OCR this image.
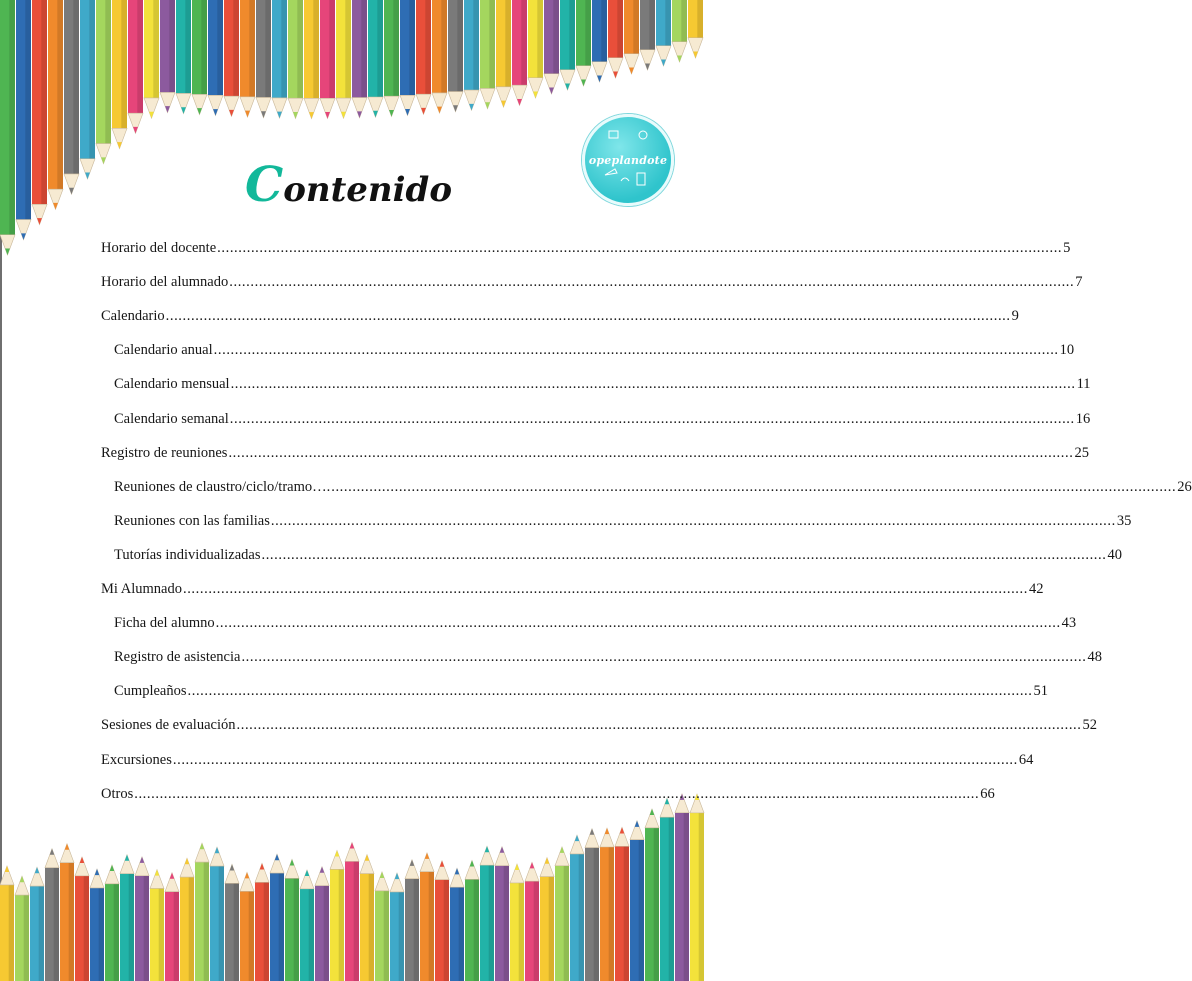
opeplandote
Contenido
Horario del docente ........................................................................................................................................................................................................ 5
Horario del alumnado ........................................................................................................................................................................................................ 7
Calendario ........................................................................................................................................................................................................ 9
Calendario anual ........................................................................................................................................................................................................ 10
Calendario mensual ........................................................................................................................................................................................................ 11
Calendario semanal ........................................................................................................................................................................................................ 16
Registro de reuniones ........................................................................................................................................................................................................ 25
Reuniones de claustro/ciclo/tramo…. ........................................................................................................................................................................................................ 26
Reuniones con las familias ........................................................................................................................................................................................................ 35
Tutorías individualizadas ........................................................................................................................................................................................................ 40
Mi Alumnado ........................................................................................................................................................................................................ 42
Ficha del alumno ........................................................................................................................................................................................................ 43
Registro de asistencia ........................................................................................................................................................................................................ 48
Cumpleaños ........................................................................................................................................................................................................ 51
Sesiones de evaluación ........................................................................................................................................................................................................ 52
Excursiones ........................................................................................................................................................................................................ 64
Otros ........................................................................................................................................................................................................ 66
